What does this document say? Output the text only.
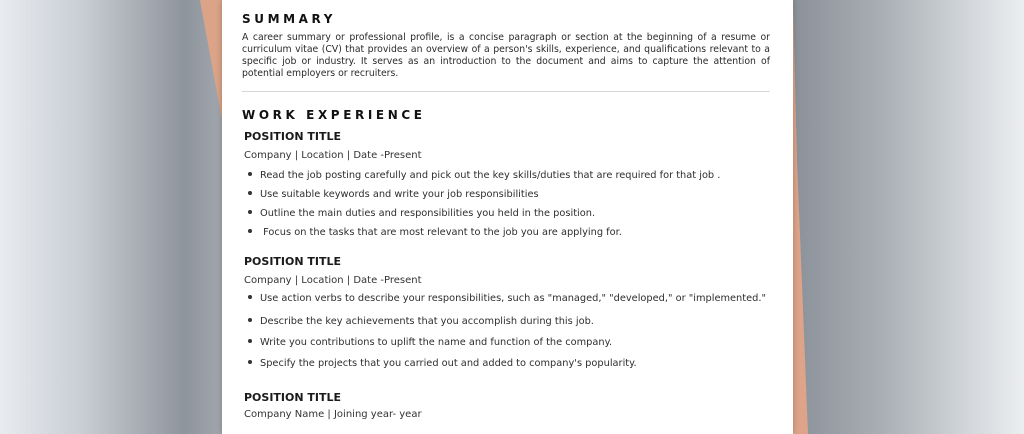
SUMMARY
A career summary or professional profile, is a concise paragraph or section at the beginning of a resume or curriculum vitae (CV) that provides an overview of a person's skills, experience, and qualifications relevant to a specific job or industry. It serves as an introduction to the document and aims to capture the attention of potential employers or recruiters.
WORK EXPERIENCE
POSITION TITLE
Company | Location | Date -Present
Read the job posting carefully and pick out the key skills/duties that are required for that job .
Use suitable keywords and write your job responsibilities
Outline the main duties and responsibilities you held in the position.
Focus on the tasks that are most relevant to the job you are applying for.
POSITION TITLE
Company | Location | Date -Present
Use action verbs to describe your responsibilities, such as "managed," "developed," or "implemented."
Describe the key achievements that you accomplish during this job.
Write you contributions to uplift the name and function of the company.
Specify the projects that you carried out and added to company's popularity.
POSITION TITLE
Company Name | Joining year- year
